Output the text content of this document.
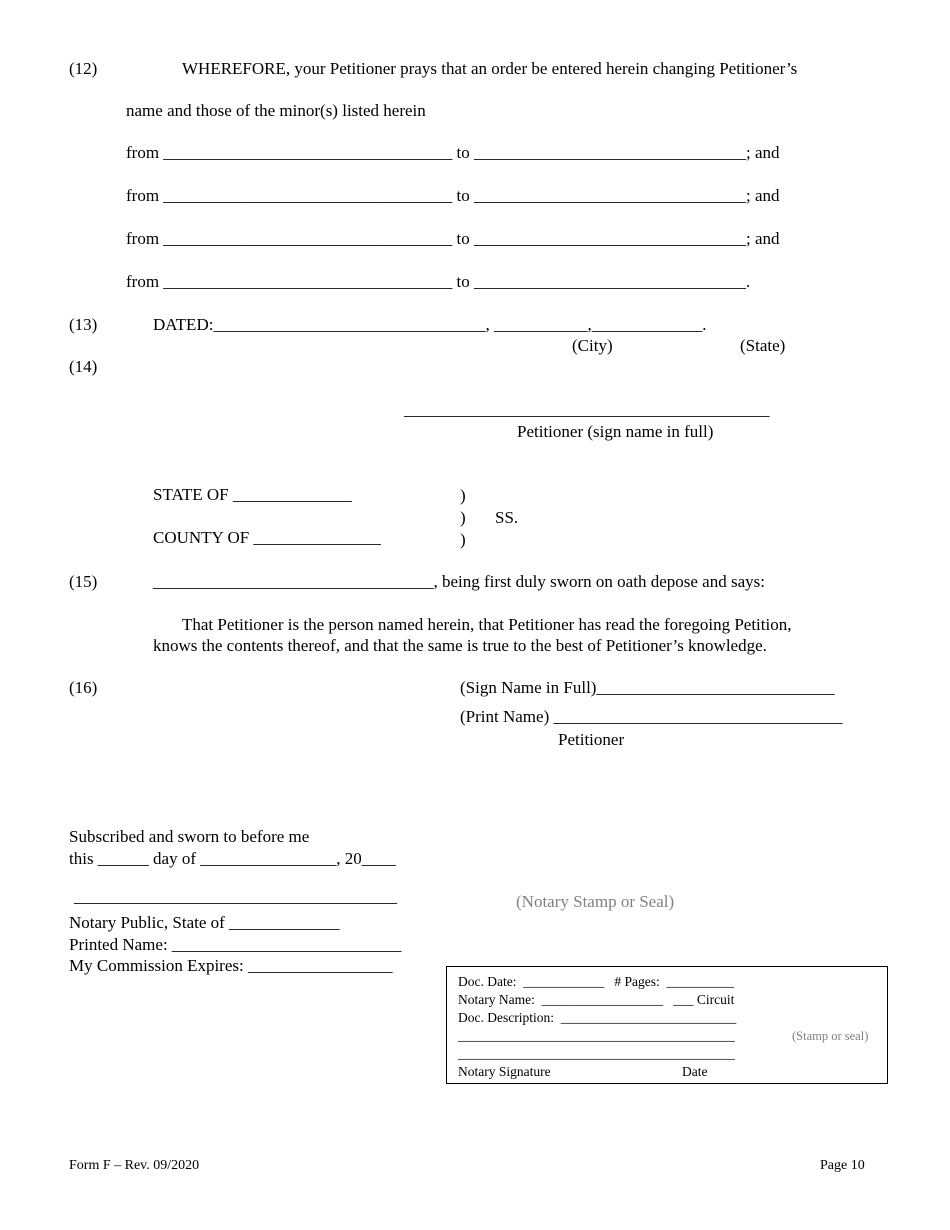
(12)	WHEREFORE, your Petitioner prays that an order be entered herein changing Petitioner’s
name and those of the minor(s) listed herein
from __________________________________ to ________________________________; and
from __________________________________ to ________________________________; and
from __________________________________ to ________________________________; and
from __________________________________ to ________________________________.
(13)	DATED:________________________________, ___________,_____________.
(City)	(State)
(14)
___________________________________________
Petitioner (sign name in full)
STATE OF ______________
COUNTY OF _______________
)
)
)
SS.
(15)	_________________________________, being first duly sworn on oath depose and says:
That Petitioner is the person named herein, that Petitioner has read the foregoing Petition,
knows the contents thereof, and that the same is true to the best of Petitioner’s knowledge.
(16)	(Sign Name in Full)____________________________
(Print Name) __________________________________
Petitioner
Subscribed and sworn to before me
this ______ day of ________________, 20____
______________________________________
Notary Public, State of _____________
Printed Name: ___________________________
My Commission Expires: _________________
(Notary Stamp or Seal)
Doc. Date:  ____________   # Pages:  __________
Notary Name:  __________________   ___ Circuit
Doc. Description:  __________________________
_________________________________________
_________________________________________
(Stamp or seal)
Notary Signature	Date
Form F – Rev. 09/2020	Page 10
